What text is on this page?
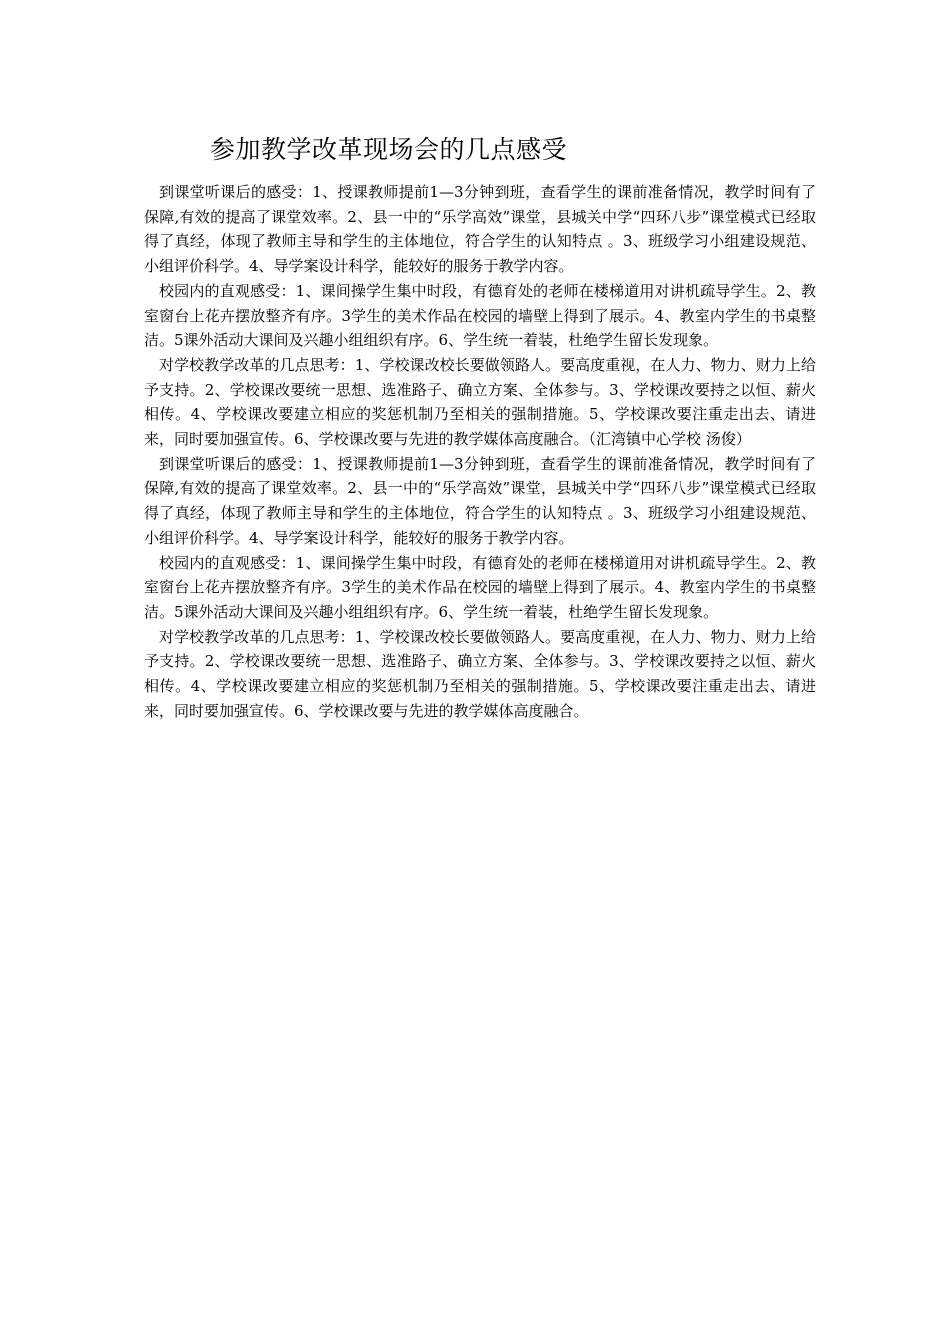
参加教学改革现场会的几点感受

到课堂听课后的感受：1、授课教师提前1—3分钟到班，查看学生的课前准备情况，教学时间有了保障,有效的提高了课堂效率。2、县一中的“乐学高效”课堂，县城关中学“四环八步”课堂模式已经取得了真经，体现了教师主导和学生的主体地位，符合学生的认知特点 。3、班级学习小组建设规范、小组评价科学。4、导学案设计科学，能较好的服务于教学内容。

校园内的直观感受：1、课间操学生集中时段，有德育处的老师在楼梯道用对讲机疏导学生。2、教室窗台上花卉摆放整齐有序。3学生的美术作品在校园的墙壁上得到了展示。4、教室内学生的书桌整洁。5课外活动大课间及兴趣小组组织有序。6、学生统一着装，杜绝学生留长发现象。

对学校教学改革的几点思考：1、学校课改校长要做领路人。要高度重视，在人力、物力、财力上给予支持。2、学校课改要统一思想、选准路子、确立方案、全体参与。3、学校课改要持之以恒、薪火相传。4、学校课改要建立相应的奖惩机制乃至相关的强制措施。5、学校课改要注重走出去、请进来，同时要加强宣传。6、学校课改要与先进的教学媒体高度融合。（汇湾镇中心学校 汤俊）

到课堂听课后的感受：1、授课教师提前1—3分钟到班，查看学生的课前准备情况，教学时间有了保障,有效的提高了课堂效率。2、县一中的“乐学高效”课堂，县城关中学“四环八步”课堂模式已经取得了真经，体现了教师主导和学生的主体地位，符合学生的认知特点 。3、班级学习小组建设规范、小组评价科学。4、导学案设计科学，能较好的服务于教学内容。

校园内的直观感受：1、课间操学生集中时段，有德育处的老师在楼梯道用对讲机疏导学生。2、教室窗台上花卉摆放整齐有序。3学生的美术作品在校园的墙壁上得到了展示。4、教室内学生的书桌整洁。5课外活动大课间及兴趣小组组织有序。6、学生统一着装，杜绝学生留长发现象。

对学校教学改革的几点思考：1、学校课改校长要做领路人。要高度重视，在人力、物力、财力上给予支持。2、学校课改要统一思想、选准路子、确立方案、全体参与。3、学校课改要持之以恒、薪火相传。4、学校课改要建立相应的奖惩机制乃至相关的强制措施。5、学校课改要注重走出去、请进来，同时要加强宣传。6、学校课改要与先进的教学媒体高度融合。
